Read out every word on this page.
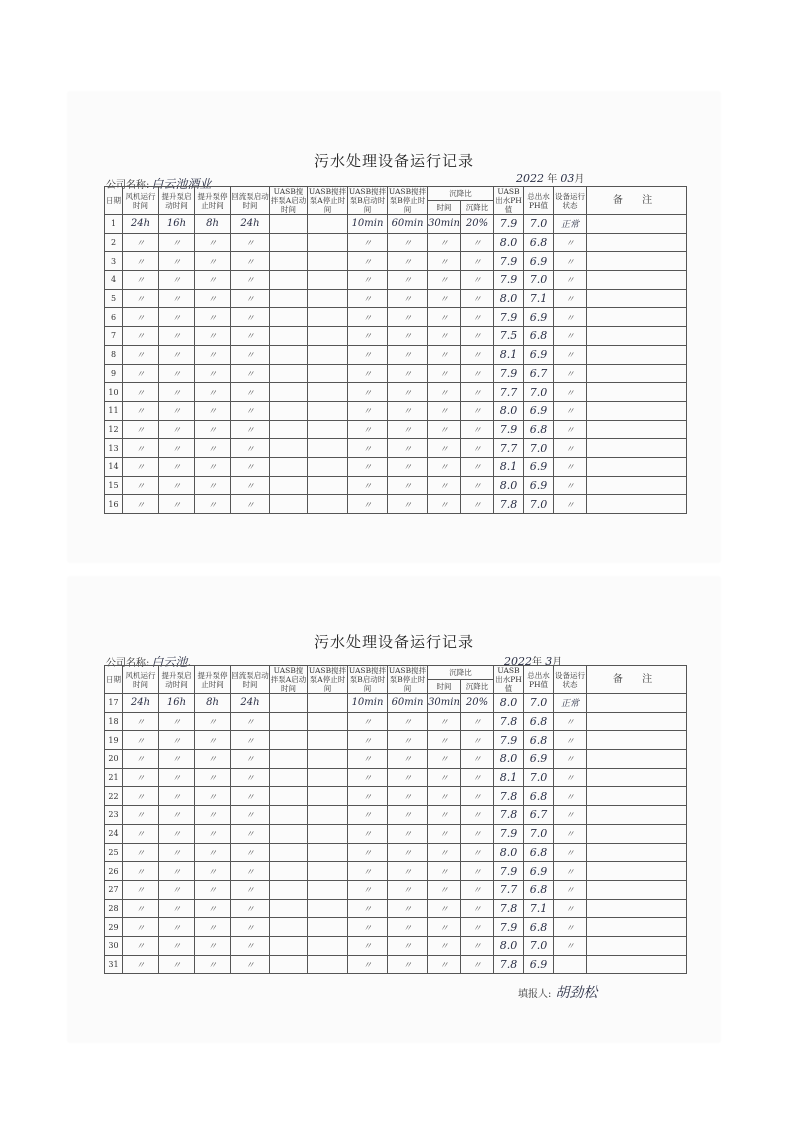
污水处理设备运行记录
公司名称: 白云池酒业	2022 年 03月
日期	风机运行时间	提升泵启动时间	提升泵停止时间	回流泵启动时间	UASB搅拌泵A启动时间	UASB搅拌泵A停止时间	UASB搅拌泵B启动时间	UASB搅拌泵B停止时间	沉降比		UASB出水PH值	总出水PH值	设备运行状态	备 注
									时间	沉降比				
1	24h	16h	8h	24h			10min	60min	30min	20%	7.9	7.0	正常	
2	〃	〃	〃	〃			〃	〃	〃	〃	8.0	6.8	〃	
3	〃	〃	〃	〃			〃	〃	〃	〃	7.9	6.9	〃	
4	〃	〃	〃	〃			〃	〃	〃	〃	7.9	7.0	〃	
5	〃	〃	〃	〃			〃	〃	〃	〃	8.0	7.1	〃	
6	〃	〃	〃	〃			〃	〃	〃	〃	7.9	6.9	〃	
7	〃	〃	〃	〃			〃	〃	〃	〃	7.5	6.8	〃	
8	〃	〃	〃	〃			〃	〃	〃	〃	8.1	6.9	〃	
9	〃	〃	〃	〃			〃	〃	〃	〃	7.9	6.7	〃	
10	〃	〃	〃	〃			〃	〃	〃	〃	7.7	7.0	〃	
11	〃	〃	〃	〃			〃	〃	〃	〃	8.0	6.9	〃	
12	〃	〃	〃	〃			〃	〃	〃	〃	7.9	6.8	〃	
13	〃	〃	〃	〃			〃	〃	〃	〃	7.7	7.0	〃	
14	〃	〃	〃	〃			〃	〃	〃	〃	8.1	6.9	〃	
15	〃	〃	〃	〃			〃	〃	〃	〃	8.0	6.9	〃	
16	〃	〃	〃	〃			〃	〃	〃	〃	7.8	7.0	〃	
污水处理设备运行记录
公司名称: 白云池.	2022年 3月
日期	风机运行时间	提升泵启动时间	提升泵停止时间	回流泵启动时间	UASB搅拌泵A启动时间	UASB搅拌泵A停止时间	UASB搅拌泵B启动时间	UASB搅拌泵B停止时间	沉降比		UASB出水PH值	总出水PH值	设备运行状态	备 注
									时间	沉降比				
17	24h	16h	8h	24h			10min	60min	30min	20%	8.0	7.0	正常	
18	〃	〃	〃	〃			〃	〃	〃	〃	7.8	6.8	〃	
19	〃	〃	〃	〃			〃	〃	〃	〃	7.9	6.8	〃	
20	〃	〃	〃	〃			〃	〃	〃	〃	8.0	6.9	〃	
21	〃	〃	〃	〃			〃	〃	〃	〃	8.1	7.0	〃	
22	〃	〃	〃	〃			〃	〃	〃	〃	7.8	6.8	〃	
23	〃	〃	〃	〃			〃	〃	〃	〃	7.8	6.7	〃	
24	〃	〃	〃	〃			〃	〃	〃	〃	7.9	7.0	〃	
25	〃	〃	〃	〃			〃	〃	〃	〃	8.0	6.8	〃	
26	〃	〃	〃	〃			〃	〃	〃	〃	7.9	6.9	〃	
27	〃	〃	〃	〃			〃	〃	〃	〃	7.7	6.8	〃	
28	〃	〃	〃	〃			〃	〃	〃	〃	7.8	7.1	〃	
29	〃	〃	〃	〃			〃	〃	〃	〃	7.9	6.8	〃	
30	〃	〃	〃	〃			〃	〃	〃	〃	8.0	7.0	〃	
31	〃	〃	〃	〃			〃	〃	〃	〃	7.8	6.9		
填报人: 胡劲松
